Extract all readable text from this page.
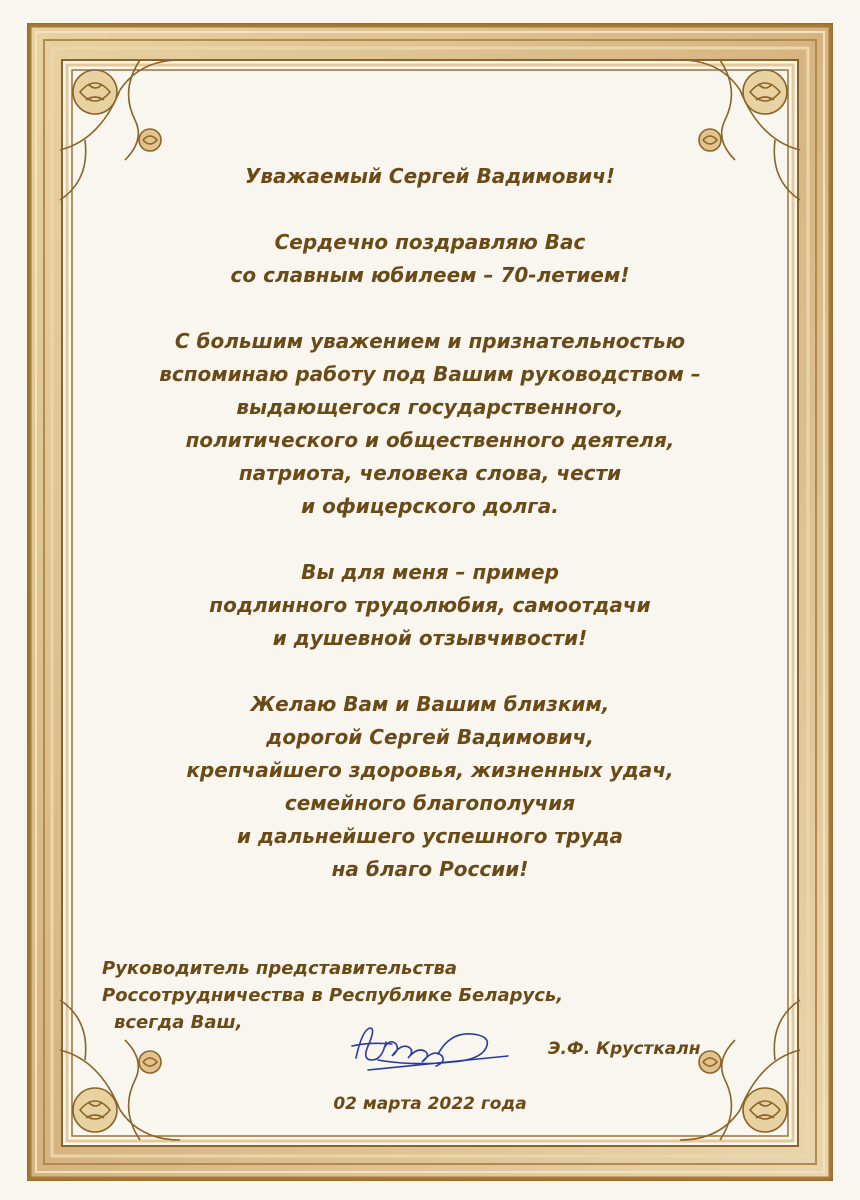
Уважаемый Сергей Вадимович!
Сердечно поздравляю Вас
со славным юбилеем – 70-летием!
С большим уважением и признательностью
вспоминаю работу под Вашим руководством –
выдающегося государственного,
политического и общественного деятеля,
патриота, человека слова, чести
и офицерского долга.
Вы для меня – пример
подлинного трудолюбия, самоотдачи
и душевной отзывчивости!
Желаю Вам и Вашим близким,
дорогой Сергей Вадимович,
крепчайшего здоровья, жизненных удач,
семейного благополучия
и дальнейшего успешного труда
на благо России!
Руководитель представительства
Россотрудничества в Республике Беларусь,
всегда Ваш,
Э.Ф. Крусткалн
02 марта 2022 года
